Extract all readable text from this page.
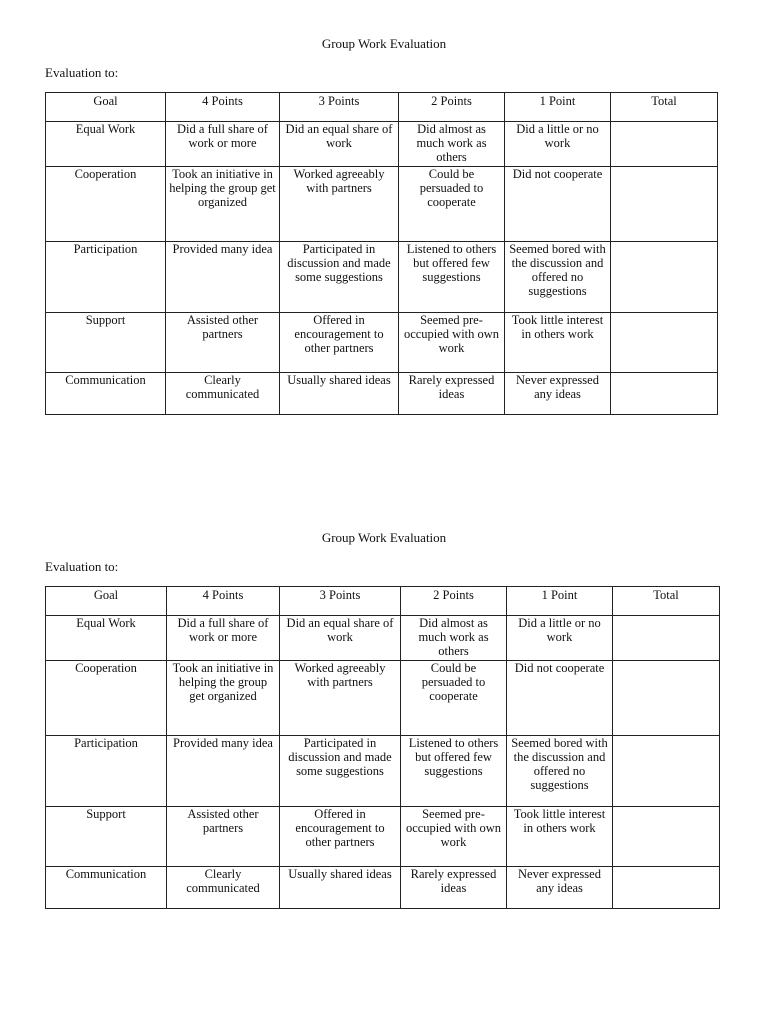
Group Work Evaluation
Evaluation to:
Goal	4 Points	3 Points	2 Points	1 Point	Total
Equal Work	Did a full share of work or more	Did an equal share of work	Did almost as much work as others	Did a little or no work	
Cooperation	Took an initiative in helping the group get organized	Worked agreeably with partners	Could be persuaded to cooperate	Did not cooperate	
Participation	Provided many idea	Participated in discussion and made some suggestions	Listened to others but offered few suggestions	Seemed bored with the discussion and offered no suggestions	
Support	Assisted other partners	Offered in encouragement to other partners	Seemed pre-occupied with own work	Took little interest in others work	
Communication	Clearly communicated	Usually shared ideas	Rarely expressed ideas	Never expressed any ideas	
Group Work Evaluation
Evaluation to:
Goal	4 Points	3 Points	2 Points	1 Point	Total
Equal Work	Did a full share of work or more	Did an equal share of work	Did almost as much work as others	Did a little or no work	
Cooperation	Took an initiative in helping the group get organized	Worked agreeably with partners	Could be persuaded to cooperate	Did not cooperate	
Participation	Provided many idea	Participated in discussion and made some suggestions	Listened to others but offered few suggestions	Seemed bored with the discussion and offered no suggestions	
Support	Assisted other partners	Offered in encouragement to other partners	Seemed pre-occupied with own work	Took little interest in others work	
Communication	Clearly communicated	Usually shared ideas	Rarely expressed ideas	Never expressed any ideas	
